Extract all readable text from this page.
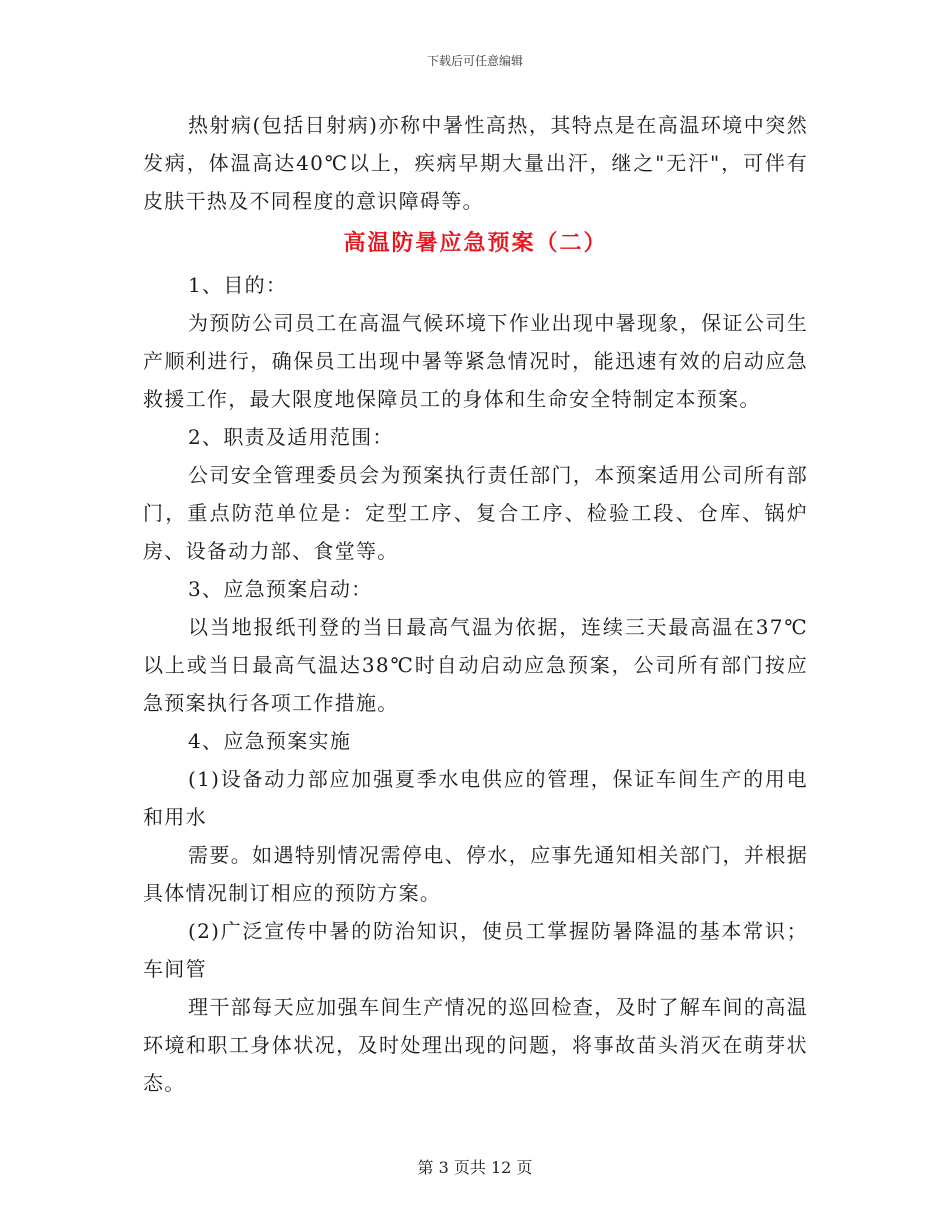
下载后可任意编辑

热射病(包括日射病)亦称中暑性高热，其特点是在高温环境中突然发病，体温高达40℃以上，疾病早期大量出汗，继之"无汗"，可伴有皮肤干热及不同程度的意识障碍等。

高温防暑应急预案（二）

1、目的：

为预防公司员工在高温气候环境下作业出现中暑现象，保证公司生产顺利进行，确保员工出现中暑等紧急情况时，能迅速有效的启动应急救援工作，最大限度地保障员工的身体和生命安全特制定本预案。

2、职责及适用范围：

公司安全管理委员会为预案执行责任部门，本预案适用公司所有部门，重点防范单位是：定型工序、复合工序、检验工段、仓库、锅炉房、设备动力部、食堂等。

3、应急预案启动：

以当地报纸刊登的当日最高气温为依据，连续三天最高温在37℃以上或当日最高气温达38℃时自动启动应急预案，公司所有部门按应急预案执行各项工作措施。

4、应急预案实施

(1)设备动力部应加强夏季水电供应的管理，保证车间生产的用电和用水

需要。如遇特别情况需停电、停水，应事先通知相关部门，并根据具体情况制订相应的预防方案。

(2)广泛宣传中暑的防治知识，使员工掌握防暑降温的基本常识；车间管

理干部每天应加强车间生产情况的巡回检查，及时了解车间的高温环境和职工身体状况，及时处理出现的问题，将事故苗头消灭在萌芽状态。

第 3 页共 12 页
